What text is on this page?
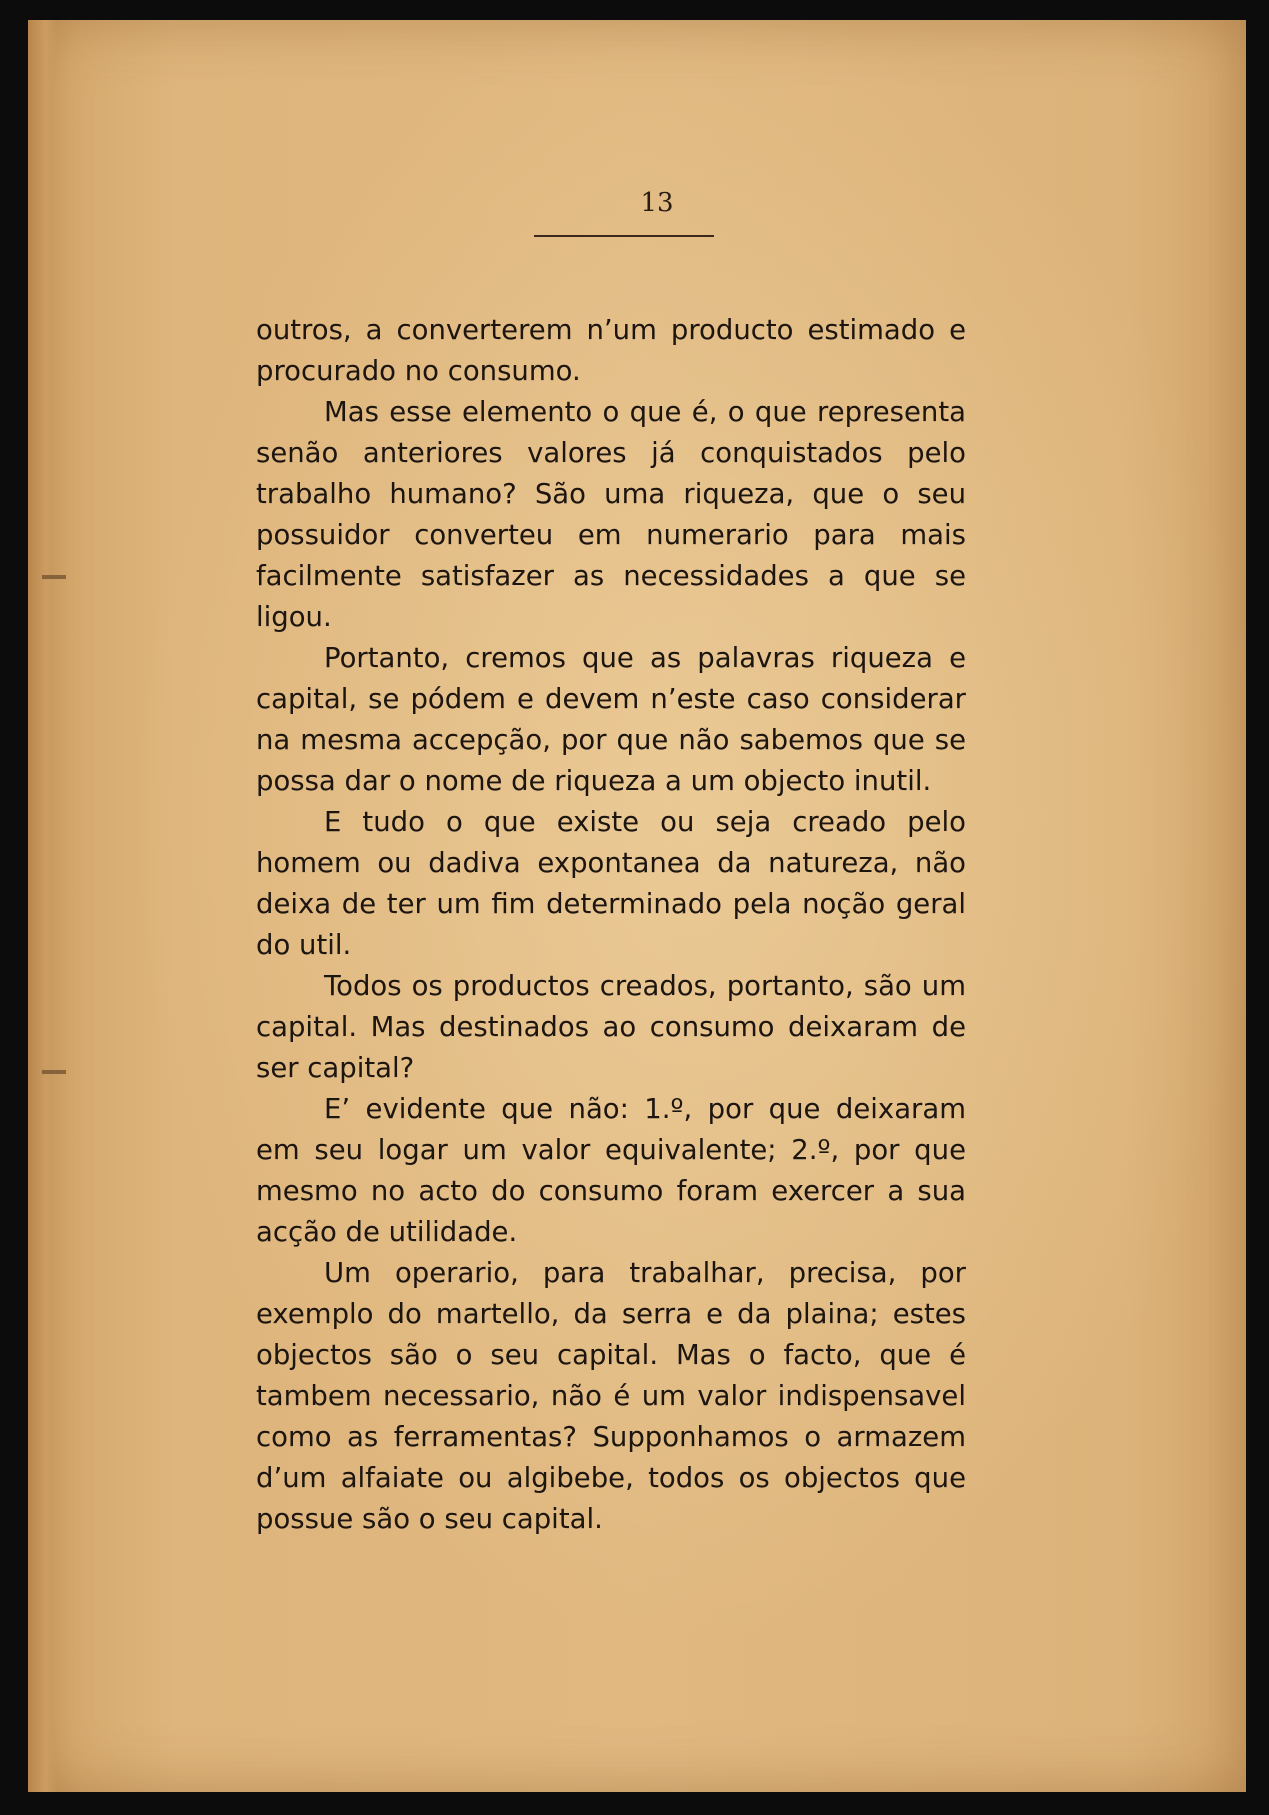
13

outros, a converterem n’um producto estimado e procurado no consumo.

Mas esse elemento o que é, o que representa senão anteriores valores já conquistados pelo trabalho humano? São uma riqueza, que o seu possuidor converteu em numerario para mais facilmente satisfazer as necessidades a que se ligou.

Portanto, cremos que as palavras riqueza e capital, se pódem e devem n’este caso considerar na mesma accepção, por que não sabemos que se possa dar o nome de riqueza a um objecto inutil.

E tudo o que existe ou seja creado pelo homem ou dadiva expontanea da natureza, não deixa de ter um fim determinado pela noção geral do util.

Todos os productos creados, portanto, são um capital. Mas destinados ao consumo deixaram de ser capital?

E’ evidente que não: 1.º, por que deixaram em seu logar um valor equivalente; 2.º, por que mesmo no acto do consumo foram exercer a sua acção de utilidade.

Um operario, para trabalhar, precisa, por exemplo do martello, da serra e da plaina; estes objectos são o seu capital. Mas o facto, que é tambem necessario, não é um valor indispensavel como as ferramentas? Supponhamos o armazem d’um alfaiate ou algibebe, todos os objectos que possue são o seu capital.
